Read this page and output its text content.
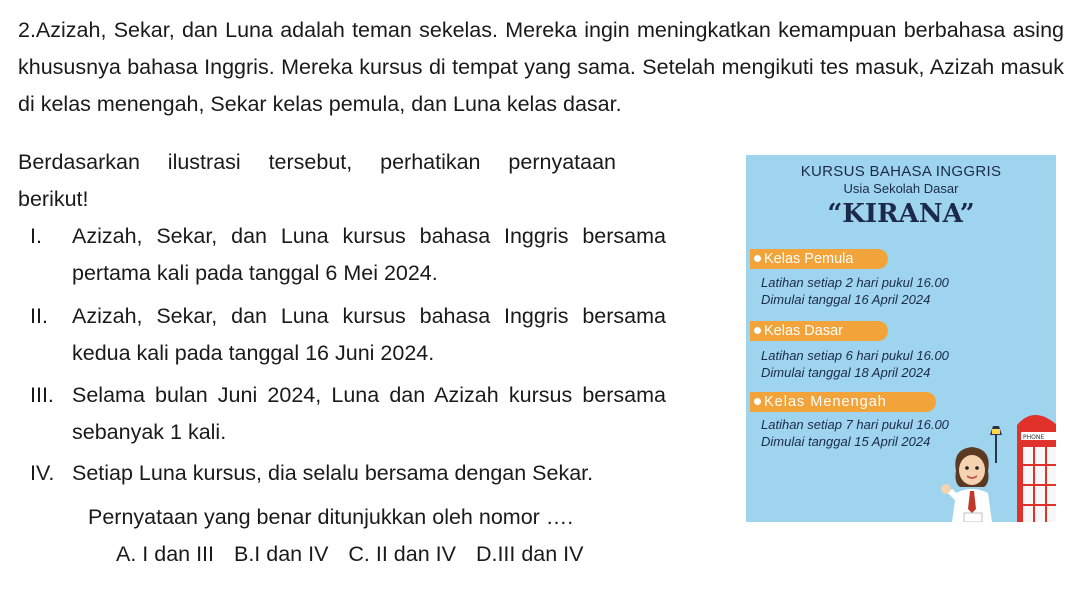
2.Azizah, Sekar, dan Luna adalah teman sekelas. Mereka ingin meningkatkan kemampuan berbahasa asing khususnya bahasa Inggris. Mereka kursus di tempat yang sama. Setelah mengikuti tes masuk, Azizah masuk di kelas menengah, Sekar kelas pemula, dan Luna kelas dasar.
Berdasarkan ilustrasi tersebut, perhatikan pernyataan
berikut!
I. Azizah, Sekar, dan Luna kursus bahasa Inggris bersama
pertama kali pada tanggal 6 Mei 2024.
II. Azizah, Sekar, dan Luna kursus bahasa Inggris bersama
kedua kali pada tanggal 16 Juni 2024.
III. Selama bulan Juni 2024, Luna dan Azizah kursus bersama
sebanyak 1 kali.
IV. Setiap Luna kursus, dia selalu bersama dengan Sekar.
Pernyataan yang benar ditunjukkan oleh nomor ….
A. I dan III B.I dan IV C. II dan IV D.III dan IV
KURSUS BAHASA INGGRIS
Usia Sekolah Dasar
“KIRANA”
Kelas Pemula
Latihan setiap 2 hari pukul 16.00
Dimulai tanggal 16 April 2024
Kelas Dasar
Latihan setiap 6 hari pukul 16.00
Dimulai tanggal 18 April 2024
Kelas Menengah
Latihan setiap 7 hari pukul 16.00
Dimulai tanggal 15 April 2024	PHONE
